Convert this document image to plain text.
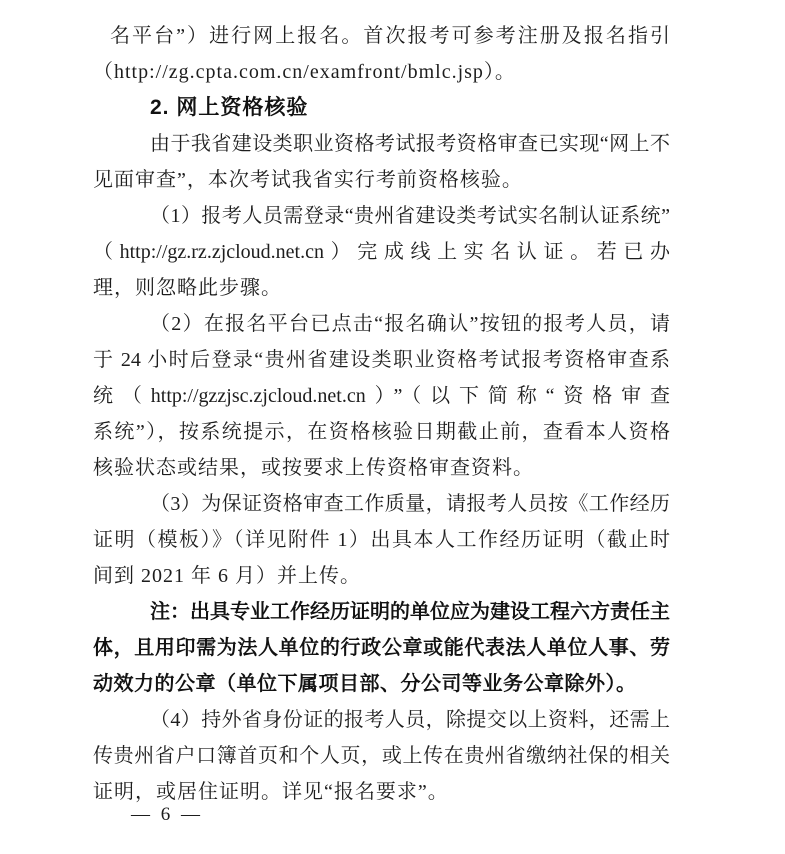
名平台”）进行网上报名。首次报考可参考注册及报名指引
（http://zg.cpta.com.cn/examfront/bmlc.jsp）。
2. 网上资格核验
由于我省建设类职业资格考试报考资格审查已实现“网上不
见面审查”，本次考试我省实行考前资格核验。
（1）报考人员需登录“贵州省建设类考试实名制认证系统”
（http://gz.rz.zjcloud.net.cn）完成线上实名认证。若已办
理，则忽略此步骤。
（2）在报名平台已点击“报名确认”按钮的报考人员，请
于 24 小时后登录“贵州省建设类职业资格考试报考资格审查系
统（http://gzzjsc.zjcloud.net.cn）”（以下简称“资格审查
系统”），按系统提示，在资格核验日期截止前，查看本人资格
核验状态或结果，或按要求上传资格审查资料。
（3）为保证资格审查工作质量，请报考人员按《工作经历
证明（模板）》（详见附件 1）出具本人工作经历证明（截止时
间到 2021 年 6 月）并上传。
注：出具专业工作经历证明的单位应为建设工程六方责任主
体，且用印需为法人单位的行政公章或能代表法人单位人事、劳
动效力的公章（单位下属项目部、分公司等业务公章除外）。
（4）持外省身份证的报考人员，除提交以上资料，还需上
传贵州省户口簿首页和个人页，或上传在贵州省缴纳社保的相关
证明，或居住证明。详见“报名要求”。
— 6 —
